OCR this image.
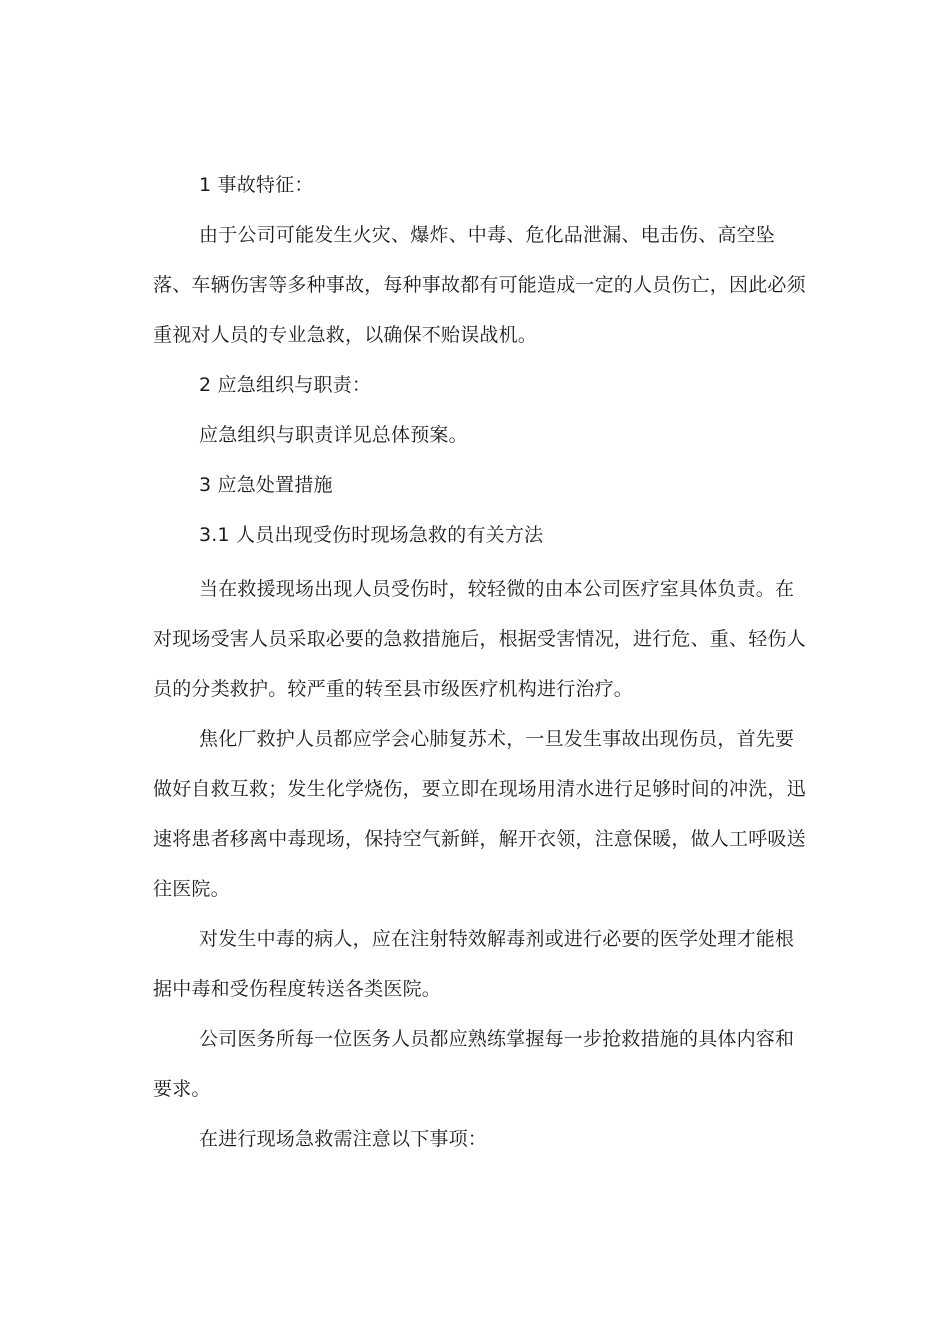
1 事故特征：

由于公司可能发生火灾、爆炸、中毒、危化品泄漏、电击伤、高空坠落、车辆伤害等多种事故，每种事故都有可能造成一定的人员伤亡，因此必须重视对人员的专业急救，以确保不贻误战机。

2 应急组织与职责：

应急组织与职责详见总体预案。

3 应急处置措施

3.1 人员出现受伤时现场急救的有关方法

当在救援现场出现人员受伤时，较轻微的由本公司医疗室具体负责。在对现场受害人员采取必要的急救措施后，根据受害情况，进行危、重、轻伤人员的分类救护。较严重的转至县市级医疗机构进行治疗。

焦化厂救护人员都应学会心肺复苏术，一旦发生事故出现伤员，首先要做好自救互救；发生化学烧伤，要立即在现场用清水进行足够时间的冲洗，迅速将患者移离中毒现场，保持空气新鲜，解开衣领，注意保暖，做人工呼吸送往医院。

对发生中毒的病人，应在注射特效解毒剂或进行必要的医学处理才能根据中毒和受伤程度转送各类医院。

公司医务所每一位医务人员都应熟练掌握每一步抢救措施的具体内容和要求。

在进行现场急救需注意以下事项：
